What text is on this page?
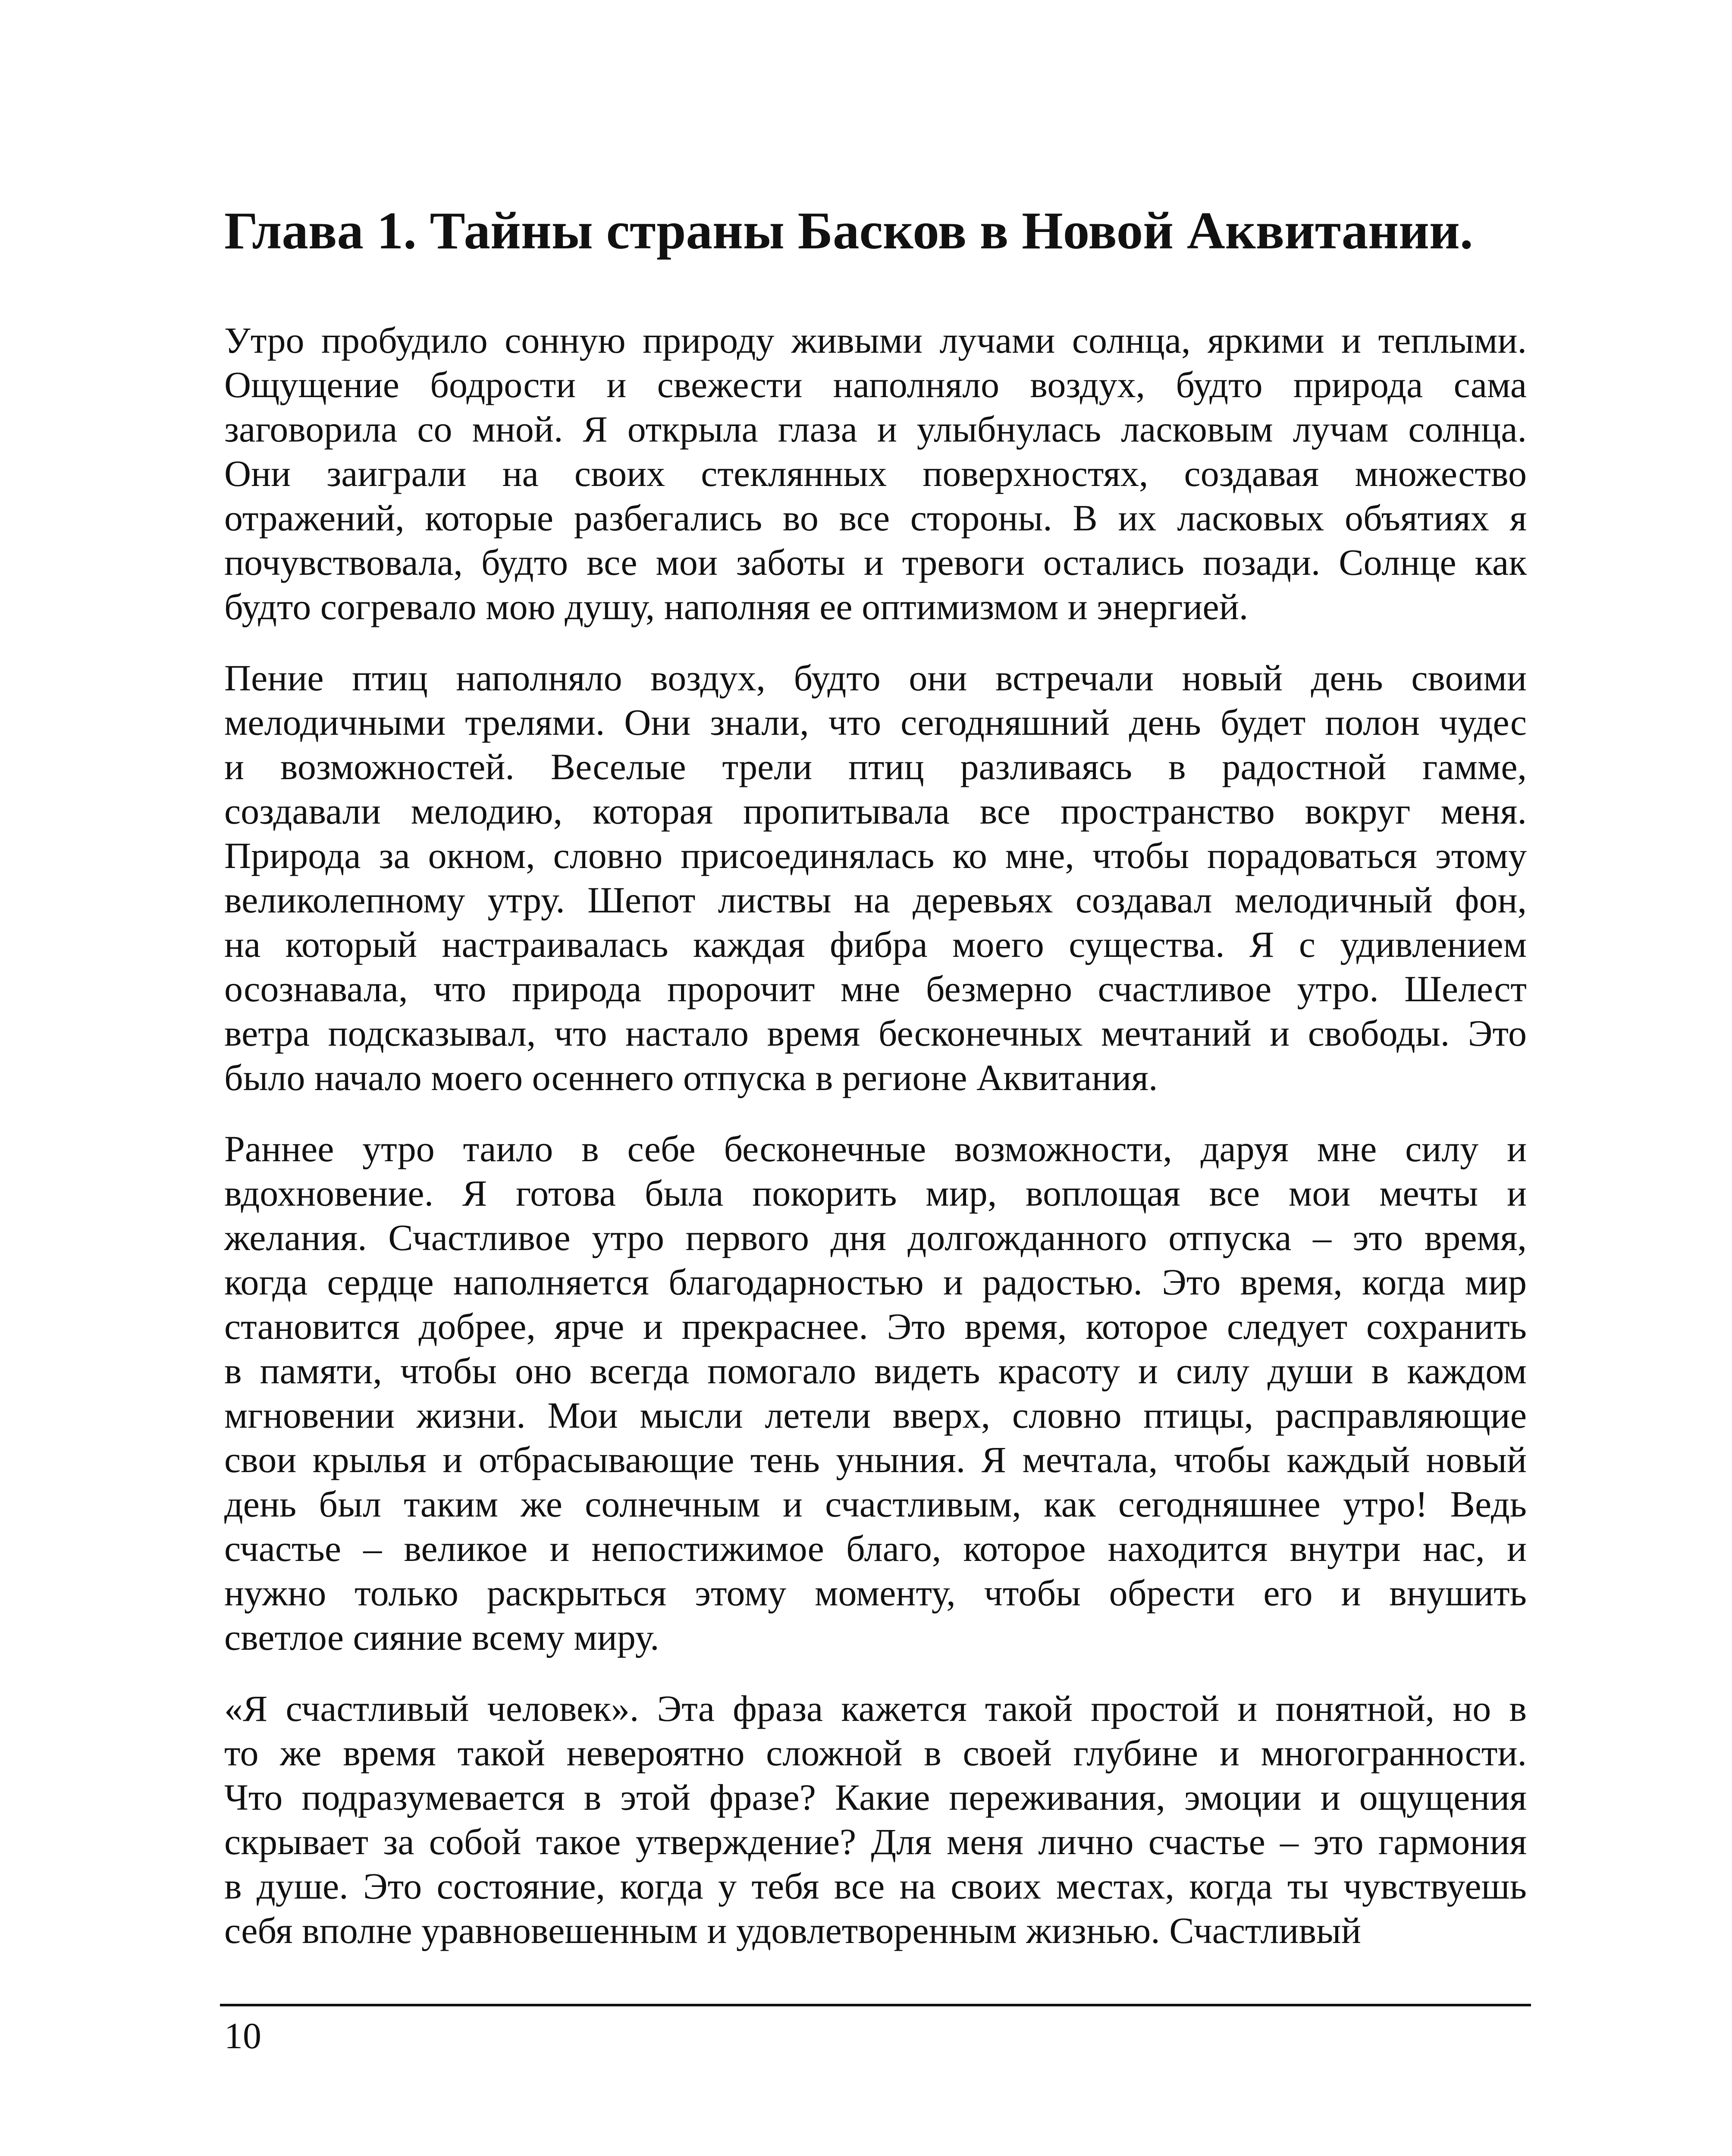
Глава 1. Тайны страны Басков в Новой Аквитании.
Утро пробудило сонную природу живыми лучами солнца, яркими и теплыми.
Ощущение бодрости и свежести наполняло воздух, будто природа сама
заговорила со мной. Я открыла глаза и улыбнулась ласковым лучам солнца.
Они заиграли на своих стеклянных поверхностях, создавая множество
отражений, которые разбегались во все стороны. В их ласковых объятиях я
почувствовала, будто все мои заботы и тревоги остались позади. Солнце как
будто согревало мою душу, наполняя ее оптимизмом и энергией.
Пение птиц наполняло воздух, будто они встречали новый день своими
мелодичными трелями. Они знали, что сегодняшний день будет полон чудес
и возможностей. Веселые трели птиц разливаясь в радостной гамме,
создавали мелодию, которая пропитывала все пространство вокруг меня.
Природа за окном, словно присоединялась ко мне, чтобы порадоваться этому
великолепному утру. Шепот листвы на деревьях создавал мелодичный фон,
на который настраивалась каждая фибра моего существа. Я с удивлением
осознавала, что природа пророчит мне безмерно счастливое утро. Шелест
ветра подсказывал, что настало время бесконечных мечтаний и свободы. Это
было начало моего осеннего отпуска в регионе Аквитания.
Раннее утро таило в себе бесконечные возможности, даруя мне силу и
вдохновение. Я готова была покорить мир, воплощая все мои мечты и
желания. Счастливое утро первого дня долгожданного отпуска – это время,
когда сердце наполняется благодарностью и радостью. Это время, когда мир
становится добрее, ярче и прекраснее. Это время, которое следует сохранить
в памяти, чтобы оно всегда помогало видеть красоту и силу души в каждом
мгновении жизни. Мои мысли летели вверх, словно птицы, расправляющие
свои крылья и отбрасывающие тень уныния. Я мечтала, чтобы каждый новый
день был таким же солнечным и счастливым, как сегодняшнее утро! Ведь
счастье – великое и непостижимое благо, которое находится внутри нас, и
нужно только раскрыться этому моменту, чтобы обрести его и внушить
светлое сияние всему миру.
«Я счастливый человек». Эта фраза кажется такой простой и понятной, но в
то же время такой невероятно сложной в своей глубине и многогранности.
Что подразумевается в этой фразе? Какие переживания, эмоции и ощущения
скрывает за собой такое утверждение? Для меня лично счастье – это гармония
в душе. Это состояние, когда у тебя все на своих местах, когда ты чувствуешь
себя вполне уравновешенным и удовлетворенным жизнью. Счастливый
10
